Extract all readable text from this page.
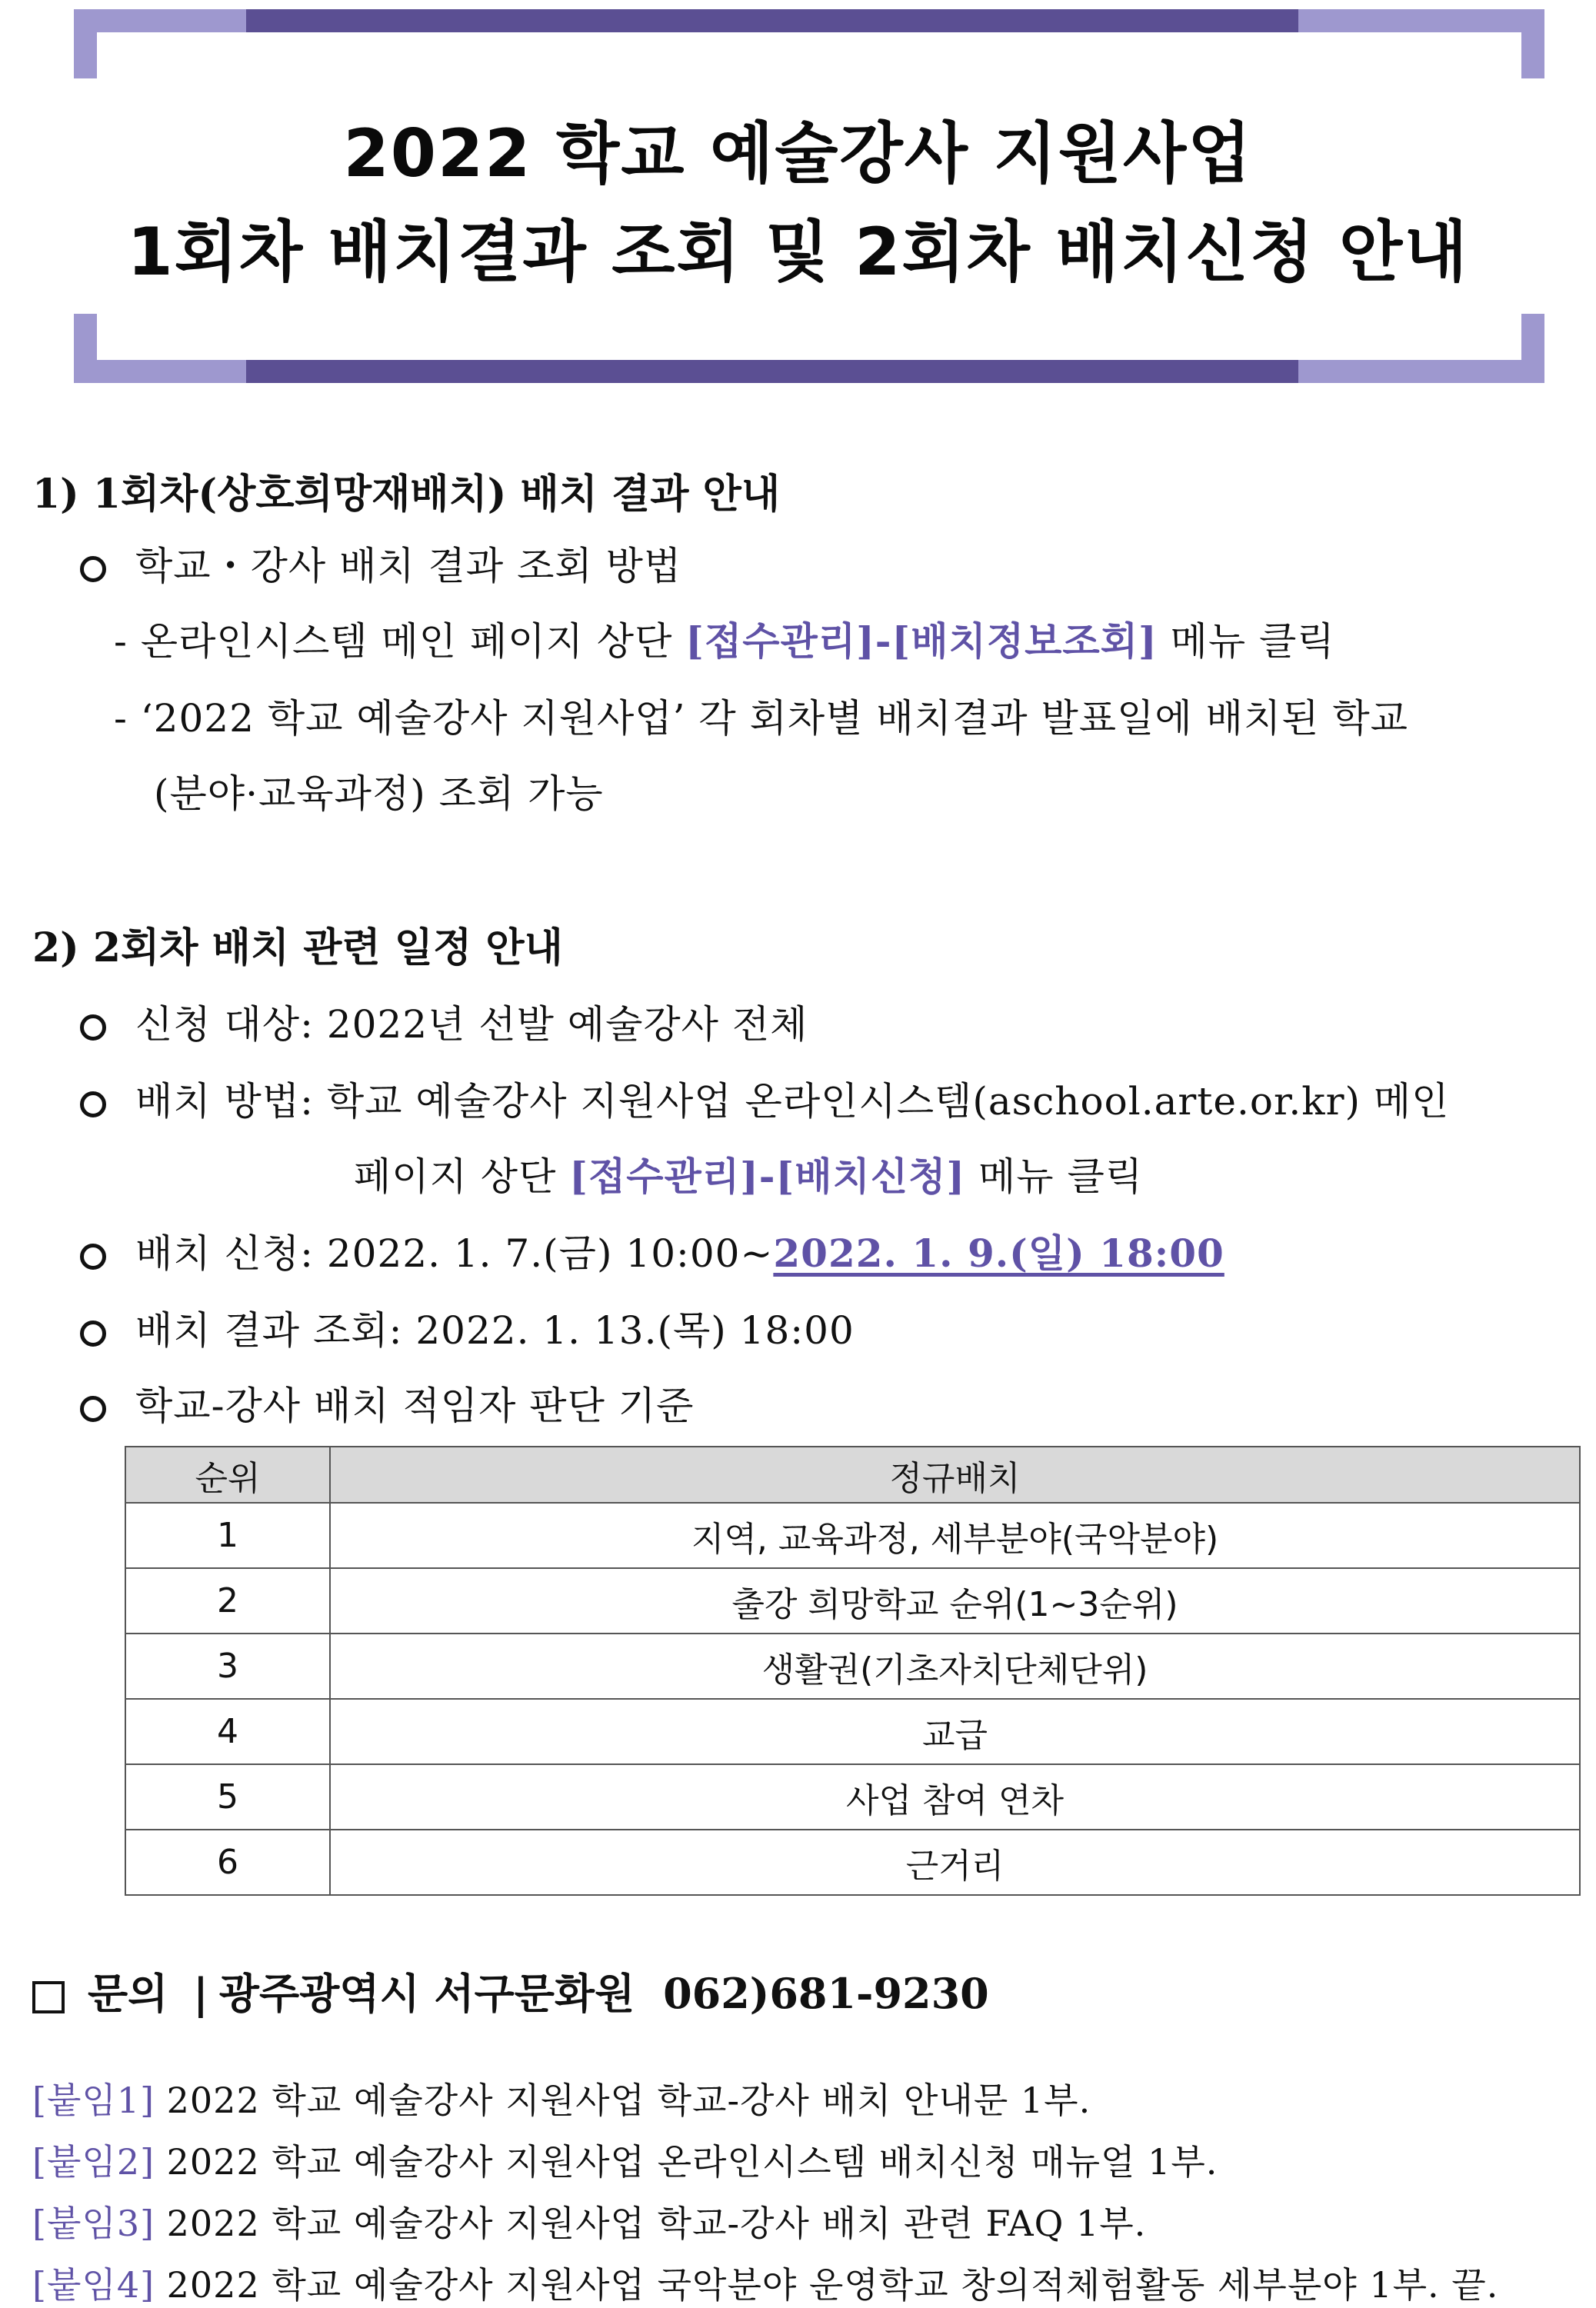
2022 학교 예술강사 지원사업
1회차 배치결과 조회 및 2회차 배치신청 안내
1) 1회차(상호희망재배치) 배치 결과 안내
학교・강사 배치 결과 조회 방법
- 온라인시스템 메인 페이지 상단 [접수관리]-[배치정보조회] 메뉴 클릭
- ‘2022 학교 예술강사 지원사업’ 각 회차별 배치결과 발표일에 배치된 학교
(분야·교육과정) 조회 가능
2) 2회차 배치 관련 일정 안내
신청 대상: 2022년 선발 예술강사 전체
배치 방법: 학교 예술강사 지원사업 온라인시스템(aschool.arte.or.kr) 메인
페이지 상단 [접수관리]-[배치신청] 메뉴 클릭
배치 신청: 2022. 1. 7.(금) 10:00~2022. 1. 9.(일) 18:00
배치 결과 조회: 2022. 1. 13.(목) 18:00
학교-강사 배치 적임자 판단 기준
순위	정규배치
1	지역, 교육과정, 세부분야(국악분야)
2	출강 희망학교 순위(1~3순위)
3	생활권(기초자치단체단위)
4	교급
5	사업 참여 연차
6	근거리
문의 | 광주광역시 서구문화원 062)681-9230
[붙임1] 2022 학교 예술강사 지원사업 학교-강사 배치 안내문 1부.
[붙임2] 2022 학교 예술강사 지원사업 온라인시스템 배치신청 매뉴얼 1부.
[붙임3] 2022 학교 예술강사 지원사업 학교-강사 배치 관련 FAQ 1부.
[붙임4] 2022 학교 예술강사 지원사업 국악분야 운영학교 창의적체험활동 세부분야 1부. 끝.
